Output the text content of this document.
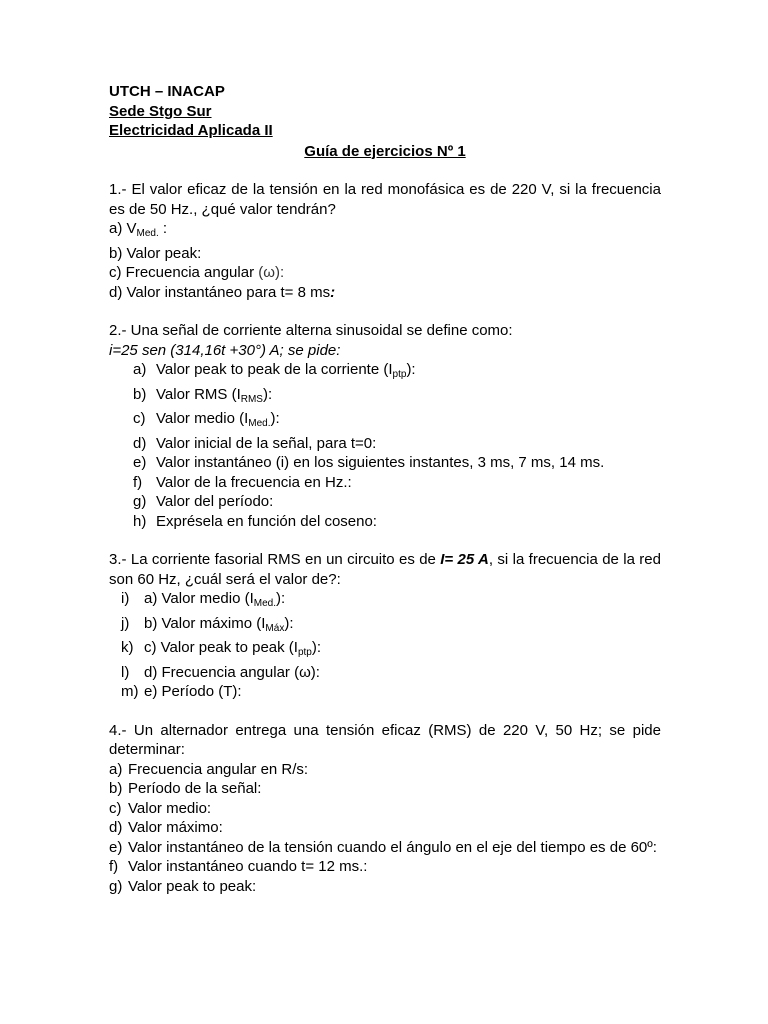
UTCH – INACAP
Sede Stgo Sur
Electricidad Aplicada II
Guía de ejercicios Nº 1
1.- El valor eficaz de la tensión en la red monofásica es de 220 V, si la frecuencia es de 50 Hz., ¿qué valor tendrán?
a) $V_{Med.}$ :
b) Valor peak:
c) Frecuencia angular (ω):
d) Valor instantáneo para t= 8 ms:
2.- Una señal de corriente alterna sinusoidal se define como:
i=25 sen (314,16t +30°) A; se pide:
a) Valor peak to peak de la corriente $(I_{ptp})$:
b) Valor RMS $(I_{RMS})$:
c) Valor medio $(I_{Med.})$:
d) Valor inicial de la señal, para t=0:
e) Valor instantáneo (i) en los siguientes instantes, 3 ms, 7 ms, 14 ms.
f) Valor de la frecuencia en Hz.:
g) Valor del período:
h) Exprésela en función del coseno:
3.- La corriente fasorial RMS en un circuito es de I= 25 A, si la frecuencia de la red son 60 Hz, ¿cuál será el valor de?:
i) a) Valor medio $(I_{Med.})$:
j) b) Valor máximo $(I_{Máx})$:
k) c) Valor peak to peak $(I_{ptp})$:
l) d) Frecuencia angular (ω):
m) e) Período (T):
4.- Un alternador entrega una tensión eficaz (RMS) de 220 V, 50 Hz; se pide determinar:
a) Frecuencia angular en R/s:
b) Período de la señal:
c) Valor medio:
d) Valor máximo:
e) Valor instantáneo de la tensión cuando el ángulo en el eje del tiempo es de 60º:
f) Valor instantáneo cuando t= 12 ms.:
g) Valor peak to peak:
